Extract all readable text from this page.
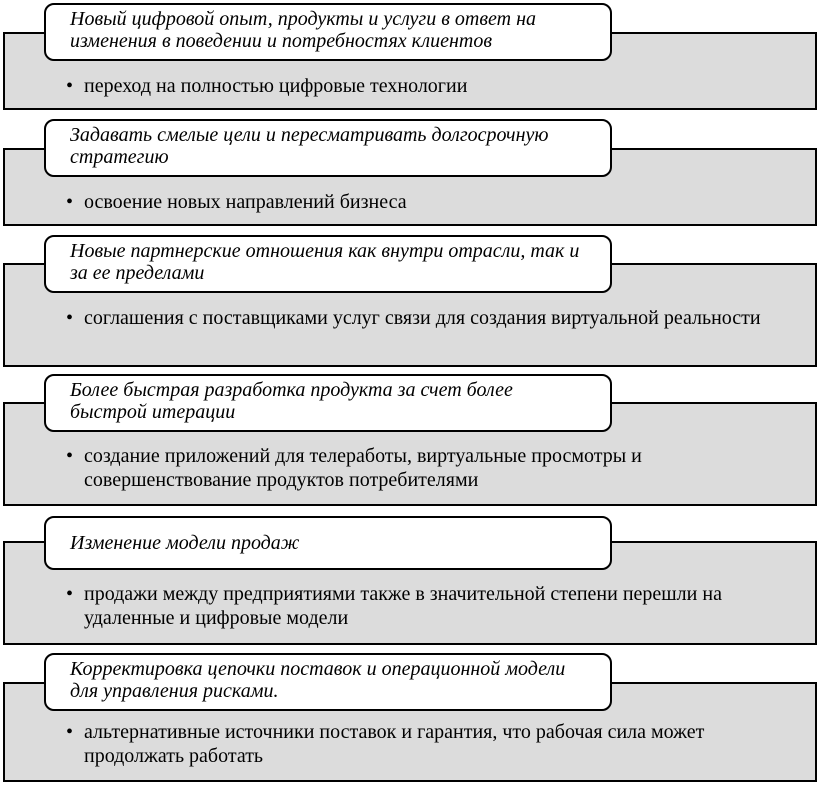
Новый цифровой опыт, продукты и услуги в ответ на изменения в поведении и потребностях клиентов
• переход на полностью цифровые технологии
Задавать смелые цели и пересматривать долгосрочную стратегию
• освоение новых направлений бизнеса
Новые партнерские отношения как внутри отрасли, так и за ее пределами
• соглашения с поставщиками услуг связи для создания виртуальной реальности
Более быстрая разработка продукта за счет более быстрой итерации
• создание приложений для телеработы, виртуальные просмотры и совершенствование продуктов потребителями
Изменение модели продаж
• продажи между предприятиями также в значительной степени перешли на удаленные и цифровые модели
Корректировка цепочки поставок и операционной модели для управления рисками.
• альтернативные источники поставок и гарантия, что рабочая сила может продолжать работать
